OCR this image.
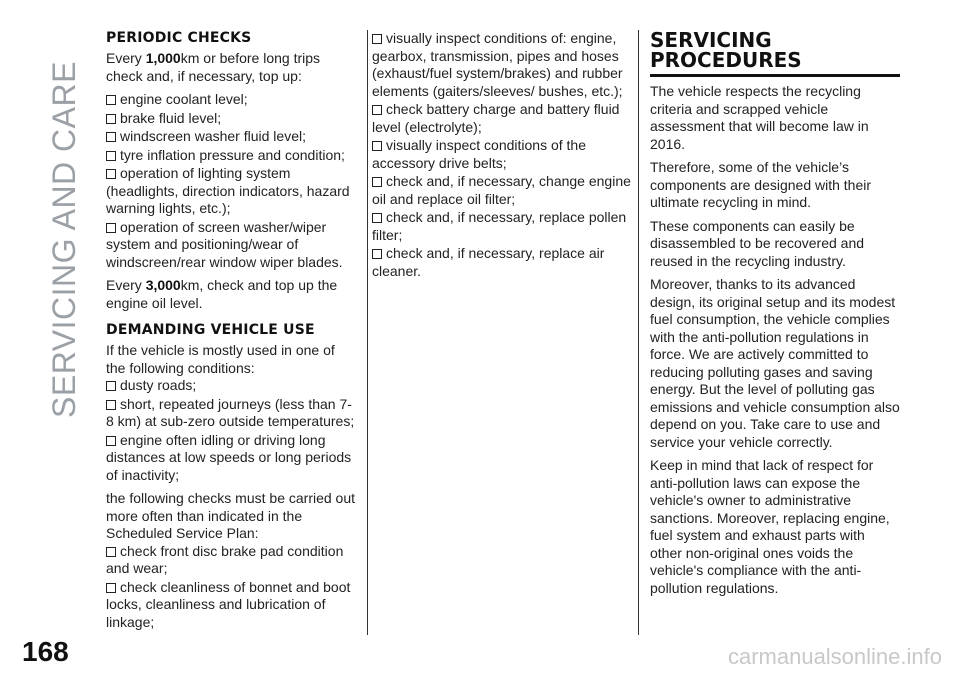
SERVICING AND CARE
PERIODIC CHECKS

Every 1,000km or before long trips check and, if necessary, top up:

engine coolant level;
brake fluid level;
windscreen washer fluid level;
tyre inflation pressure and condition;
operation of lighting system (headlights, direction indicators, hazard warning lights, etc.);
operation of screen washer/wiper system and positioning/wear of windscreen/rear window wiper blades.

Every 3,000km, check and top up the engine oil level.

DEMANDING VEHICLE USE

If the vehicle is mostly used in one of the following conditions:

dusty roads;
short, repeated journeys (less than 7-8 km) at sub-zero outside temperatures;
engine often idling or driving long distances at low speeds or long periods of inactivity;

the following checks must be carried out more often than indicated in the Scheduled Service Plan:

check front disc brake pad condition and wear;
check cleanliness of bonnet and boot locks, cleanliness and lubrication of linkage;
visually inspect conditions of: engine, gearbox, transmission, pipes and hoses (exhaust/fuel system/brakes) and rubber elements (gaiters/sleeves/ bushes, etc.);
check battery charge and battery fluid level (electrolyte);
visually inspect conditions of the accessory drive belts;
check and, if necessary, change engine oil and replace oil filter;
check and, if necessary, replace pollen filter;
check and, if necessary, replace air cleaner.
SERVICING PROCEDURES

The vehicle respects the recycling criteria and scrapped vehicle assessment that will become law in 2016.

Therefore, some of the vehicle’s components are designed with their ultimate recycling in mind.

These components can easily be disassembled to be recovered and reused in the recycling industry.

Moreover, thanks to its advanced design, its original setup and its modest fuel consumption, the vehicle complies with the anti-pollution regulations in force. We are actively committed to reducing polluting gases and saving energy. But the level of polluting gas emissions and vehicle consumption also depend on you. Take care to use and service your vehicle correctly.

Keep in mind that lack of respect for anti-pollution laws can expose the vehicle's owner to administrative sanctions. Moreover, replacing engine, fuel system and exhaust parts with other non-original ones voids the vehicle's compliance with the anti-pollution regulations.

168	carmanualsonline.info
